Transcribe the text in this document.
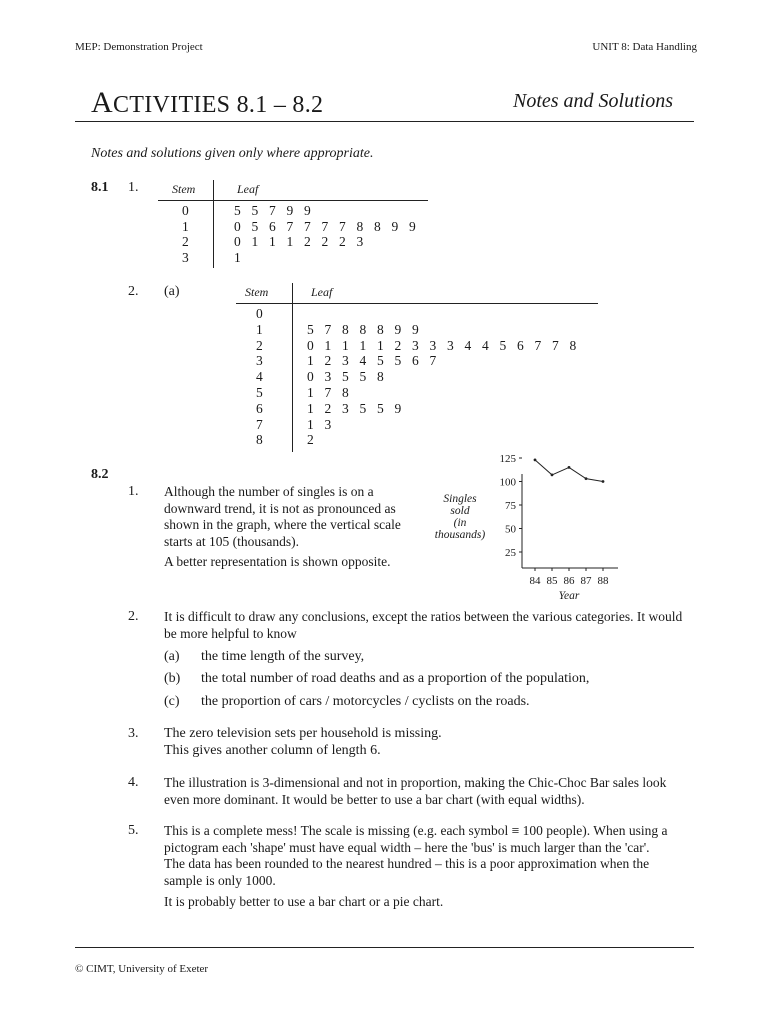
MEP: Demonstration Project	UNIT 8: Data Handling
ACTIVITIES 8.1 – 8.2	Notes and Solutions
Notes and solutions given only where appropriate.
8.1 1.	Stem	Leaf
0	5  5  7  9  9
1	0  5  6  7  7  7  7  8  8  9  9
2	0  1  1  1  2  2  2  3
3	1
2. (a)	Stem	Leaf
0
1	5  7  8  8  8  9  9
2	0  1  1  1  1  2  3  3  3  4  4  5  6  7  7  8
3	1  2  3  4  5  5  6  7
4	0  3  5  5  8
5	1  7  8
6	1  2  3  5  5  9
7	1  3
8	2
8.2
1. Although the number of singles is on a downward trend, it is not as pronounced as shown in the graph, where the vertical scale starts at 105 (thousands).
A better representation is shown opposite.
25
50
75
100
125
84 85 86 87 88
Singles
sold
(in
thousands)
Year
2. It is difficult to draw any conclusions, except the ratios between the various categories. It would be more helpful to know
(a) the time length of the survey,
(b) the total number of road deaths and as a proportion of the population,
(c) the proportion of cars / motorcycles / cyclists on the roads.
3. The zero television sets per household is missing.
This gives another column of length 6.
4. The illustration is 3-dimensional and not in proportion, making the Chic-Choc Bar sales look even more dominant. It would be better to use a bar chart (with equal widths).
5. This is a complete mess! The scale is missing (e.g. each symbol ≡ 100 people). When using a pictogram each 'shape' must have equal width – here the 'bus' is much larger than the 'car'. The data has been rounded to the nearest hundred – this is a poor approximation when the sample is only 1000.
It is probably better to use a bar chart or a pie chart.
© CIMT, University of Exeter
